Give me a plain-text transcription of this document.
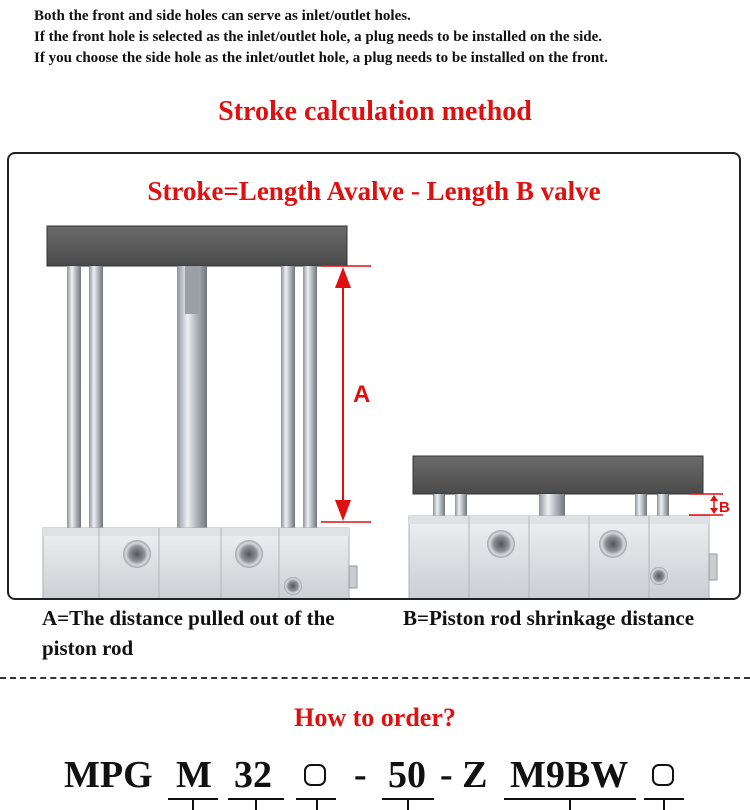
Both the front and side holes can serve as inlet/outlet holes.
If the front hole is selected as the inlet/outlet hole, a plug needs to be installed on the side.
If you choose the side hole as the inlet/outlet hole, a plug needs to be installed on the front.
Stroke calculation method
Stroke=Length Avalve - Length B valve
A
B
A=The distance pulled out of the piston rod
B=Piston rod shrinkage distance
How to order?
MPG M 32 - 50 - Z M9BW
